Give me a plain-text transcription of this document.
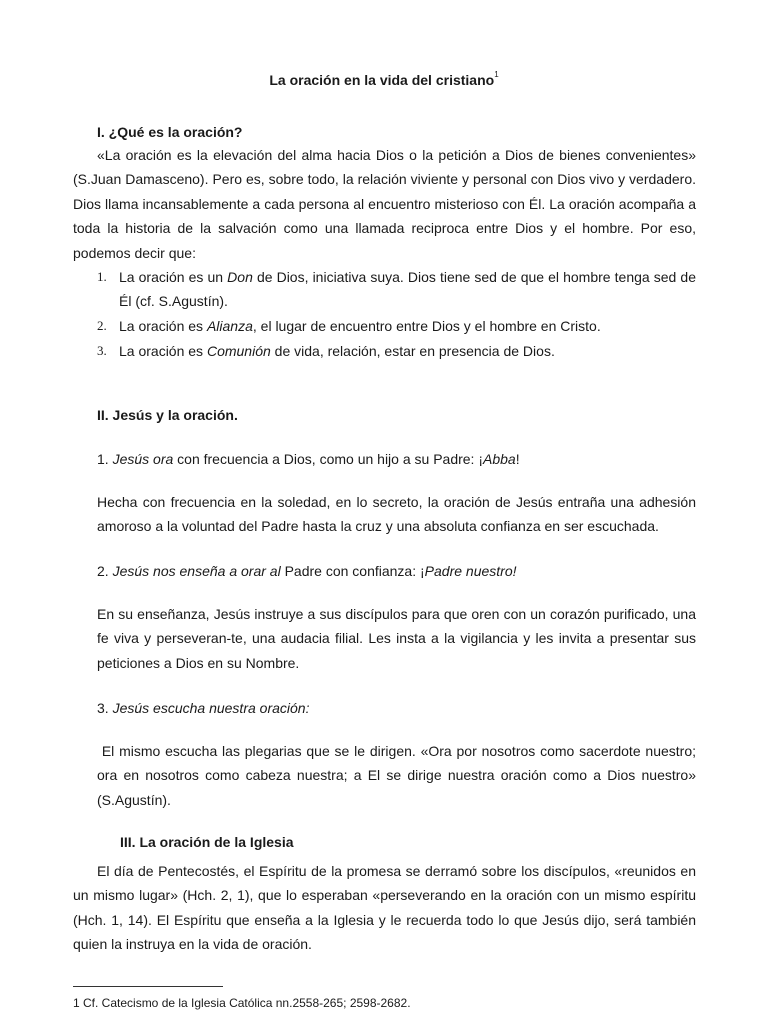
La oración en la vida del cristiano$^1$
I. ¿Qué es la oración?

«La oración es la elevación del alma hacia Dios o la petición a Dios de bienes convenientes» (S.Juan Damasceno). Pero es, sobre todo, la relación viviente y personal con Dios vivo y verdadero. Dios llama incansablemente a cada persona al encuentro misterioso con Él. La oración acompaña a toda la historia de la salvación como una llamada reciproca entre Dios y el hombre. Por eso, podemos decir que:

1. La oración es un Don de Dios, iniciativa suya. Dios tiene sed de que el hombre tenga sed de Él (cf. S.Agustín).
2. La oración es Alianza, el lugar de encuentro entre Dios y el hombre en Cristo.
3. La oración es Comunión de vida, relación, estar en presencia de Dios.
II. Jesús y la oración.
1. Jesús ora con frecuencia a Dios, como un hijo a su Padre: ¡Abba!

Hecha con frecuencia en la soledad, en lo secreto, la oración de Jesús entraña una adhesión amoroso a la voluntad del Padre hasta la cruz y una absoluta confianza en ser escuchada.

2. Jesús nos enseña a orar al Padre con confianza: ¡Padre nuestro!

En su enseñanza, Jesús instruye a sus discípulos para que oren con un corazón purificado, una fe viva y perseveran-te, una audacia filial. Les insta a la vigilancia y les invita a presentar sus peticiones a Dios en su Nombre.

3. Jesús escucha nuestra oración:

El mismo escucha las plegarias que se le dirigen. «Ora por nosotros como sacerdote nuestro; ora en nosotros como cabeza nuestra; a El se dirige nuestra oración como a Dios nuestro» (S.Agustín).

III. La oración de la Iglesia

El día de Pentecostés, el Espíritu de la promesa se derramó sobre los discípulos, «reunidos en un mismo lugar» (Hch. 2, 1), que lo esperaban «perseverando en la oración con un mismo espíritu (Hch. 1, 14). El Espíritu que enseña a la Iglesia y le recuerda todo lo que Jesús dijo, será también quien la instruya en la vida de oración.

1 Cf. Catecismo de la Iglesia Católica nn.2558-265; 2598-2682.
